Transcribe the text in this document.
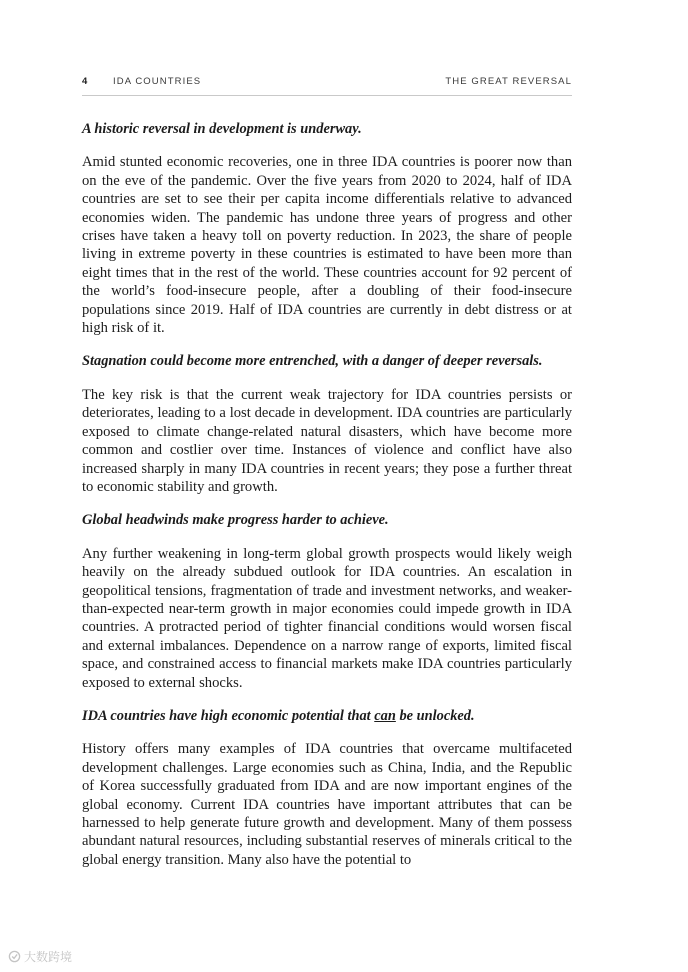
4	IDA COUNTRIES	THE GREAT REVERSAL

A historic reversal in development is underway.

Amid stunted economic recoveries, one in three IDA countries is poorer now than on the eve of the pandemic. Over the five years from 2020 to 2024, half of IDA countries are set to see their per capita income differentials relative to advanced economies widen. The pandemic has undone three years of progress and other crises have taken a heavy toll on poverty reduction. In 2023, the share of people living in extreme poverty in these countries is estimated to have been more than eight times that in the rest of the world. These countries account for 92 percent of the world’s food-insecure people, after a doubling of their food-insecure populations since 2019. Half of IDA countries are currently in debt distress or at high risk of it.

Stagnation could become more entrenched, with a danger of deeper reversals.

The key risk is that the current weak trajectory for IDA countries persists or deteriorates, leading to a lost decade in development. IDA countries are particularly exposed to climate change-related natural disasters, which have become more common and costlier over time. Instances of violence and conflict have also increased sharply in many IDA countries in recent years; they pose a further threat to economic stability and growth.

Global headwinds make progress harder to achieve.

Any further weakening in long-term global growth prospects would likely weigh heavily on the already subdued outlook for IDA countries. An escalation in geopolitical tensions, fragmentation of trade and investment networks, and weaker-than-expected near-term growth in major economies could impede growth in IDA countries. A protracted period of tighter financial conditions would worsen fiscal and external imbalances. Dependence on a narrow range of exports, limited fiscal space, and constrained access to financial markets make IDA countries particularly exposed to external shocks.

IDA countries have high economic potential that can be unlocked.

History offers many examples of IDA countries that overcame multifaceted development challenges. Large economies such as China, India, and the Republic of Korea successfully graduated from IDA and are now important engines of the global economy. Current IDA countries have important attributes that can be harnessed to help generate future growth and development. Many of them possess abundant natural resources, including substantial reserves of minerals critical to the global energy transition. Many also have the potential to

大数跨境
